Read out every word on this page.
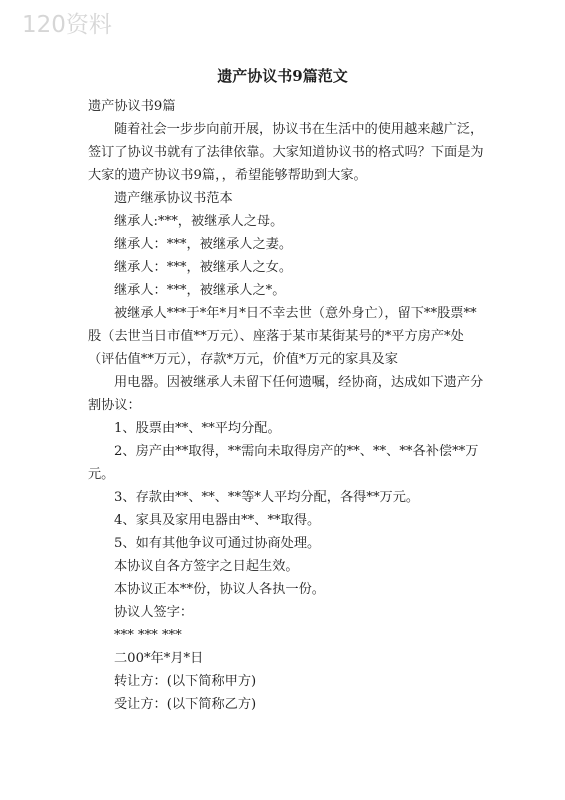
120资料
遗产协议书9篇范文

遗产协议书9篇

随着社会一步步向前开展，协议书在生活中的使用越来越广泛，签订了协议书就有了法律依靠。大家知道协议书的格式吗？下面是为大家的遗产协议书9篇，，希望能够帮助到大家。

遗产继承协议书范本

继承人:***，被继承人之母。

继承人：***，被继承人之妻。

继承人：***，被继承人之女。

继承人：***，被继承人之*。

被继承人***于*年*月*日不幸去世（意外身亡），留下**股票**股（去世当日市值**万元）、座落于某市某街某号的*平方房产*处（评估值**万元），存款*万元，价值*万元的家具及家

用电器。因被继承人未留下任何遗嘱，经协商，达成如下遗产分割协议：

1、股票由**、**平均分配。

2、房产由**取得，**需向未取得房产的**、**、**各补偿**万元。

3、存款由**、**、**等*人平均分配，各得**万元。

4、家具及家用电器由**、**取得。

5、如有其他争议可通过协商处理。

本协议自各方签字之日起生效。

本协议正本**份，协议人各执一份。

协议人签字：

*** *** ***

二00*年*月*日

转让方：(以下简称甲方)

受让方：(以下简称乙方)
